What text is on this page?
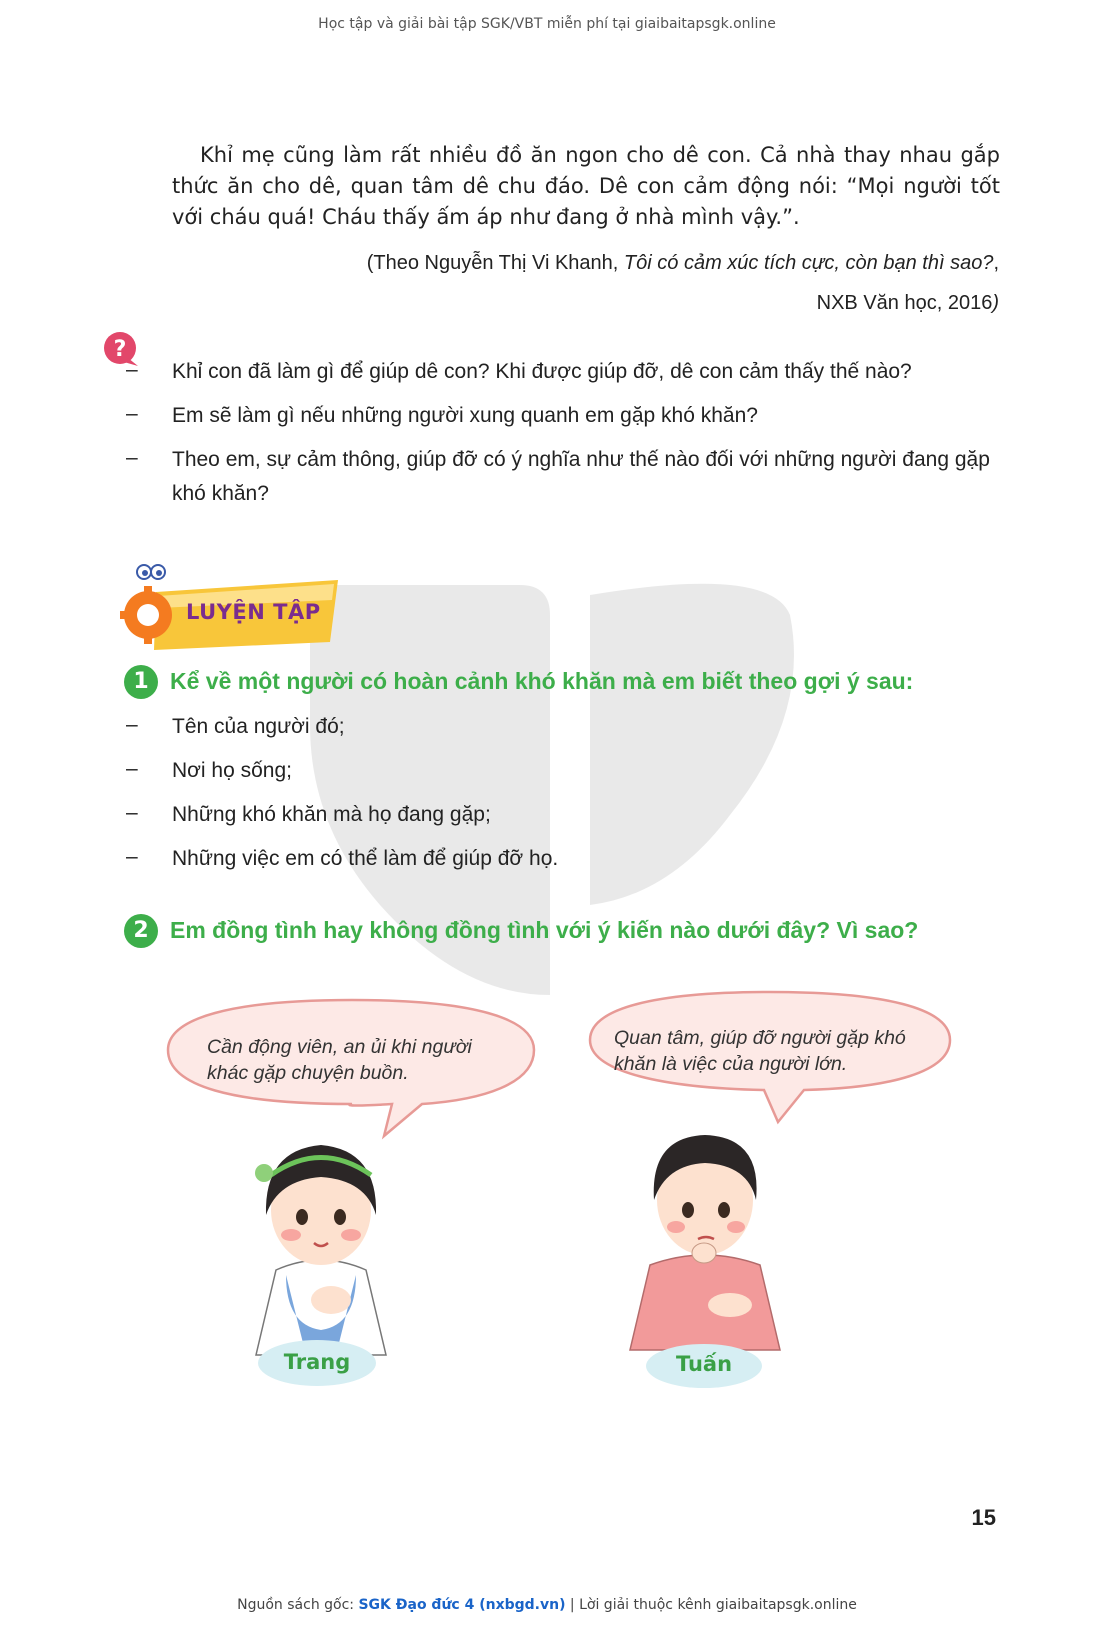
Học tập và giải bài tập SGK/VBT miễn phí tại giaibaitapsgk.online
Khỉ mẹ cũng làm rất nhiều đồ ăn ngon cho dê con. Cả nhà thay nhau gắp thức ăn cho dê, quan tâm dê chu đáo. Dê con cảm động nói: “Mọi người tốt với cháu quá! Cháu thấy ấm áp như đang ở nhà mình vậy.”.
(Theo Nguyễn Thị Vi Khanh, Tôi có cảm xúc tích cực, còn bạn thì sao?,
NXB Văn học, 2016)
?
– Khỉ con đã làm gì để giúp dê con? Khi được giúp đỡ, dê con cảm thấy thế nào?
– Em sẽ làm gì nếu những người xung quanh em gặp khó khăn?
– Theo em, sự cảm thông, giúp đỡ có ý nghĩa như thế nào đối với những người đang gặp khó khăn?
LUYỆN TẬP
1 Kể về một người có hoàn cảnh khó khăn mà em biết theo gợi ý sau:
– Tên của người đó;
– Nơi họ sống;
– Những khó khăn mà họ đang gặp;
– Những việc em có thể làm để giúp đỡ họ.
2 Em đồng tình hay không đồng tình với ý kiến nào dưới đây? Vì sao?
Cần động viên, an ủi khi người khác gặp chuyện buồn.
Quan tâm, giúp đỡ người gặp khó khăn là việc của người lớn.
Trang	Tuấn
15
Nguồn sách gốc: SGK Đạo đức 4 (nxbgd.vn) | Lời giải thuộc kênh giaibaitapsgk.online
